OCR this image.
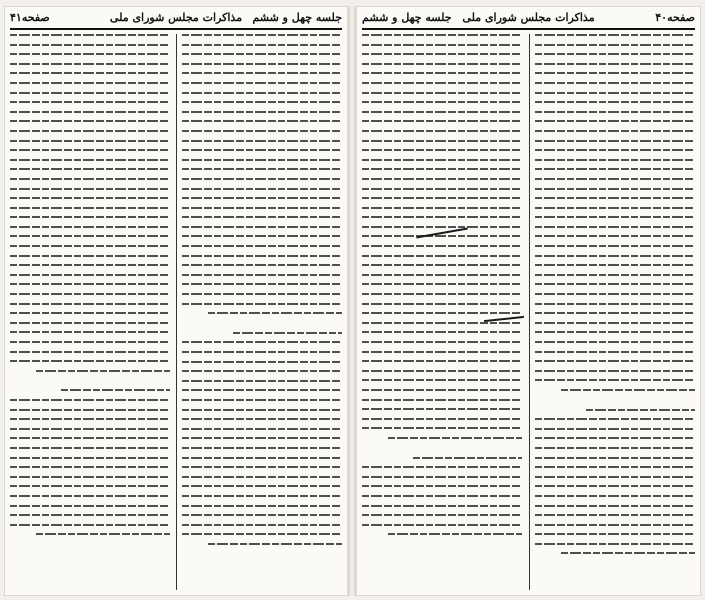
جلسه چهل و ششم
مذاکرات مجلس شورای ملی
صفحه۴۱	صفحه۴۰
مذاکرات مجلس شورای ملی
جلسه چهل و ششم
